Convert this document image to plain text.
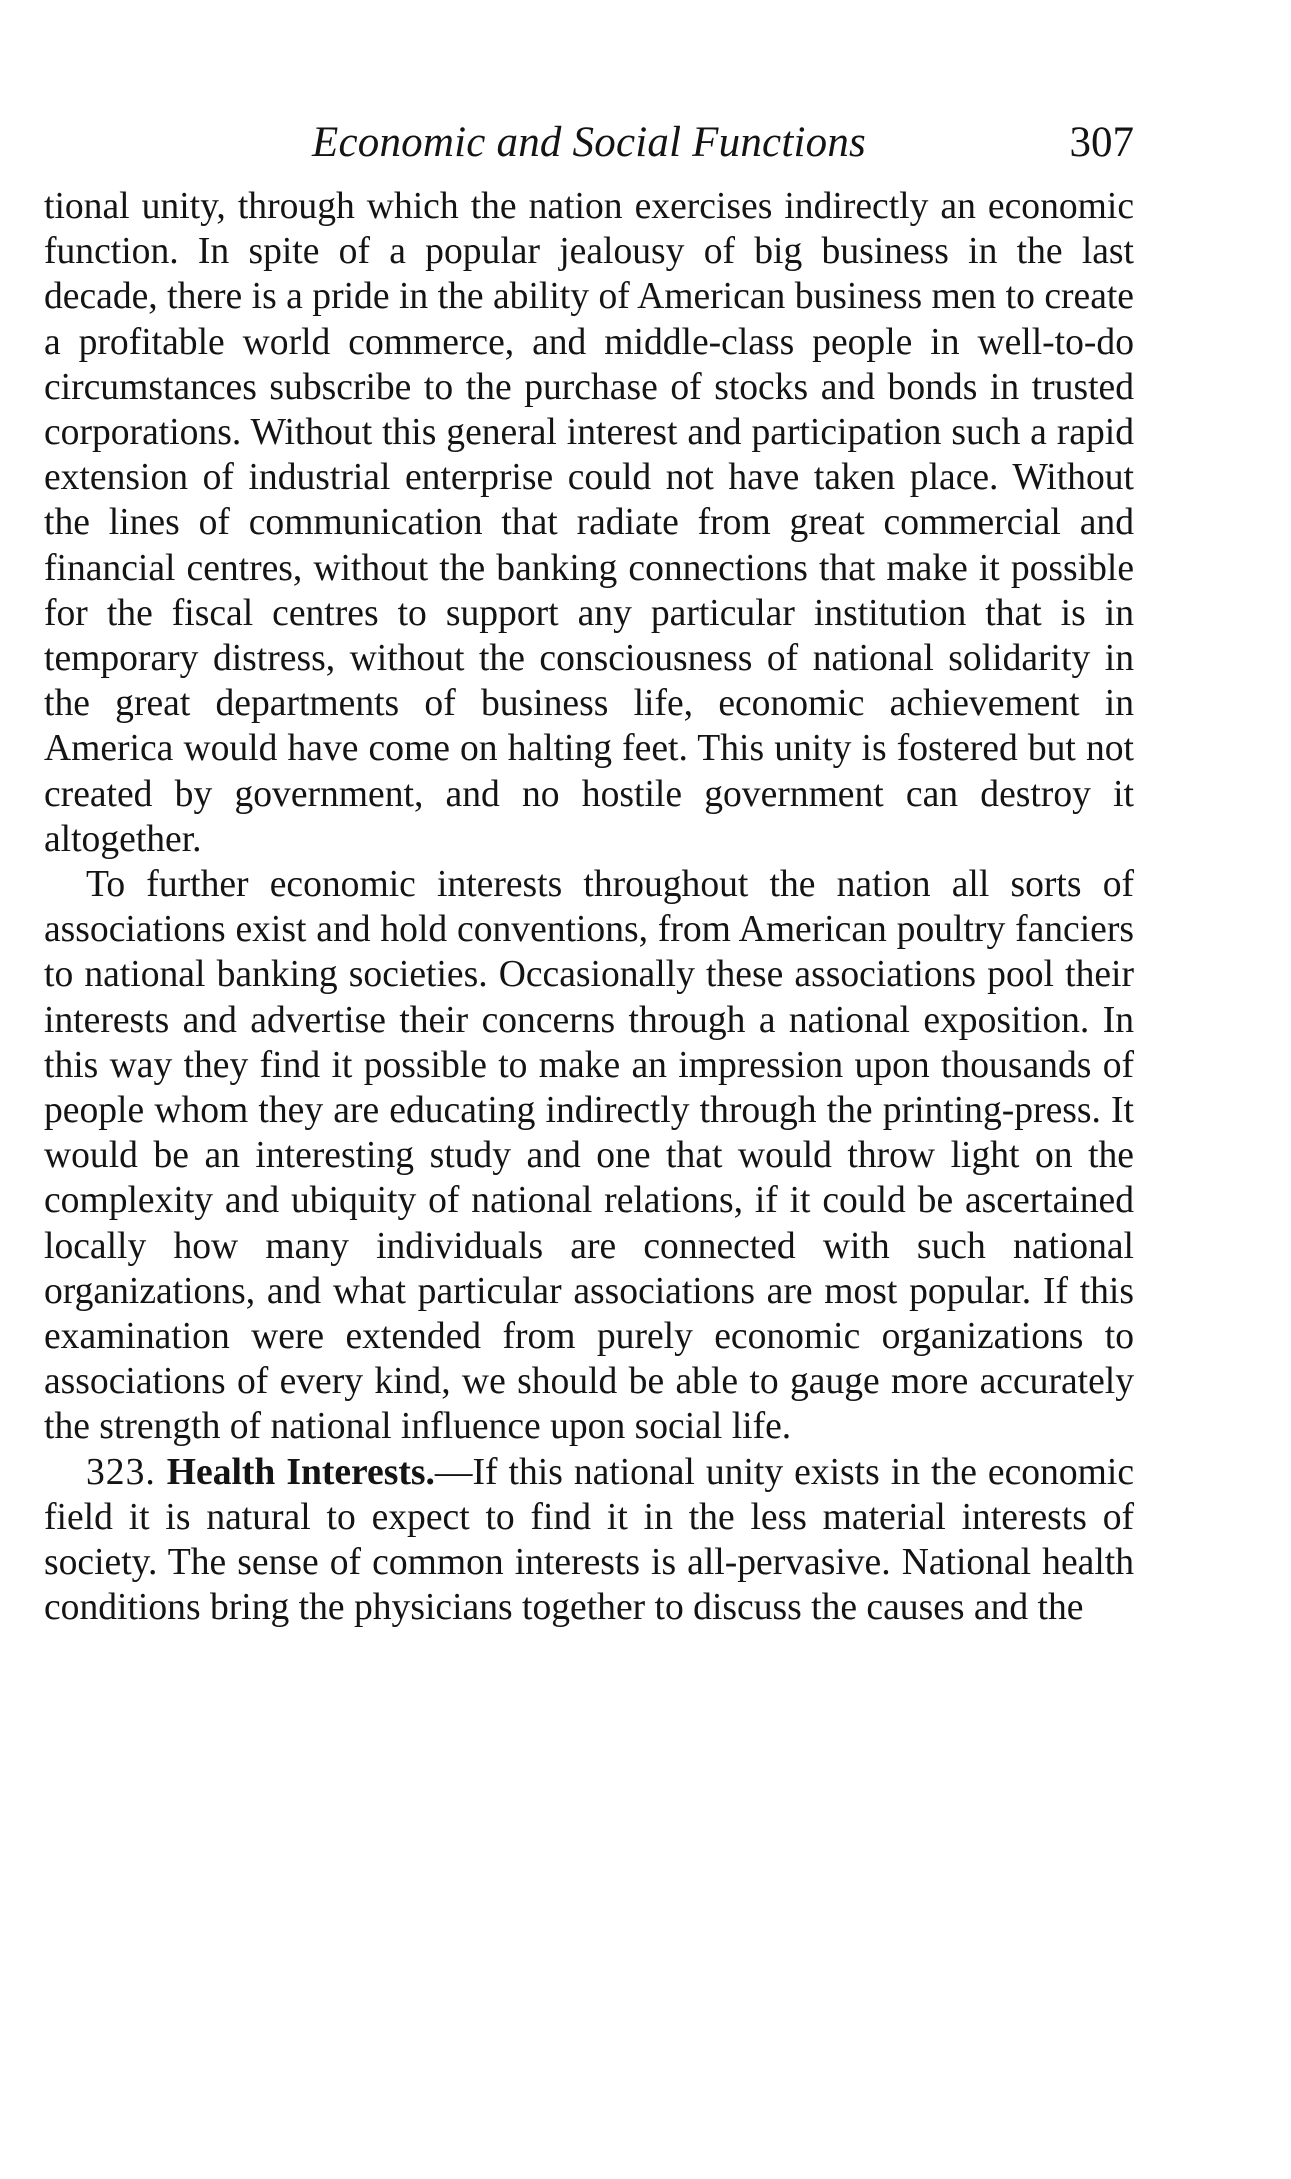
Economic and Social Functions	307

tional unity, through which the nation exercises indirectly an economic function. In spite of a popular jealousy of big business in the last decade, there is a pride in the ability of American business men to create a profitable world commerce, and middle-class people in well-to-do circumstances subscribe to the purchase of stocks and bonds in trusted corporations. Without this general interest and participation such a rapid extension of industrial enterprise could not have taken place. Without the lines of communication that radiate from great commercial and financial centres, without the banking connections that make it possible for the fiscal centres to support any particular institution that is in temporary distress, without the consciousness of national solidarity in the great departments of business life, economic achievement in America would have come on halting feet. This unity is fostered but not created by government, and no hostile government can destroy it altogether.

To further economic interests throughout the nation all sorts of associations exist and hold conventions, from American poultry fanciers to national banking societies. Occasionally these associations pool their interests and advertise their concerns through a national exposition. In this way they find it possible to make an impression upon thousands of people whom they are educating indirectly through the printing-press. It would be an interesting study and one that would throw light on the complexity and ubiquity of national relations, if it could be ascertained locally how many individuals are connected with such national organizations, and what particular associations are most popular. If this examination were extended from purely economic organizations to associations of every kind, we should be able to gauge more accurately the strength of national influence upon social life.

323. Health Interests.—If this national unity exists in the economic field it is natural to expect to find it in the less material interests of society. The sense of common interests is all-pervasive. National health conditions bring the physicians together to discuss the causes and the
